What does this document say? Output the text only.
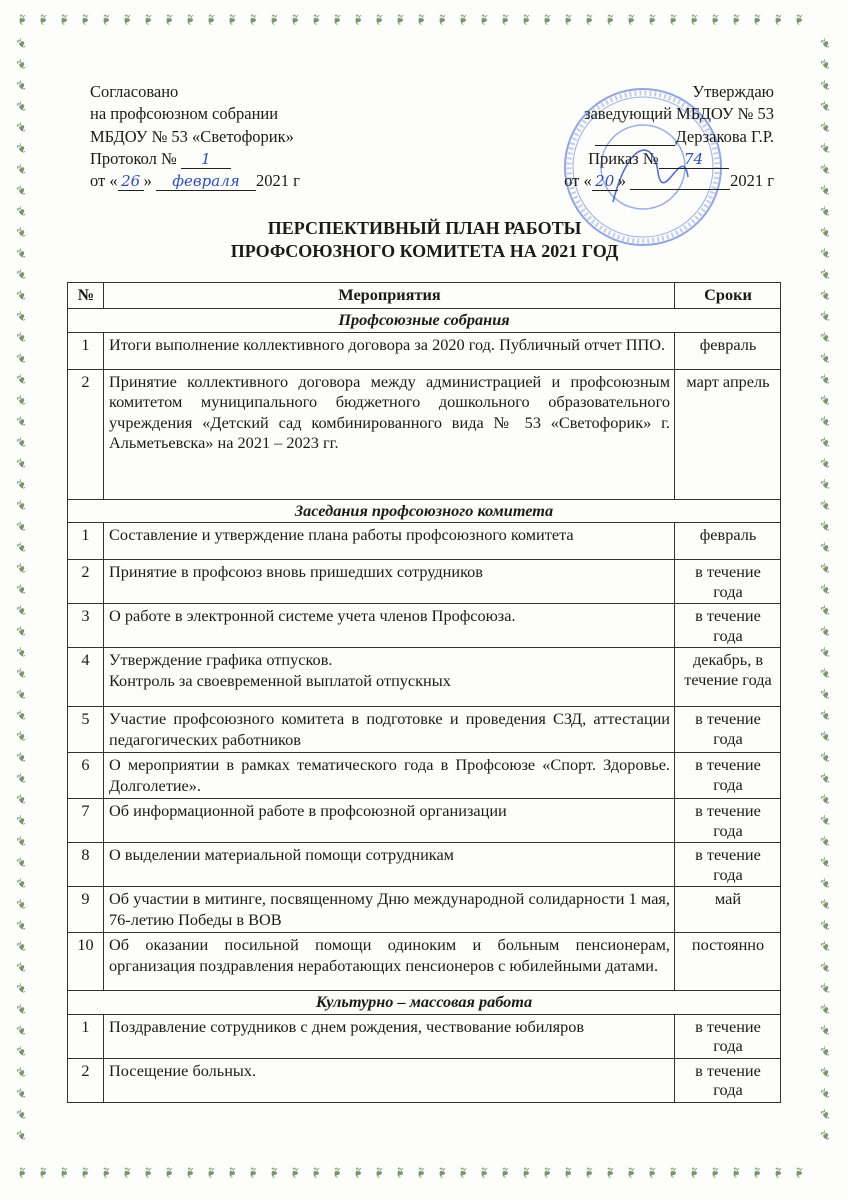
❧
❧
❧
❧
❧
❧
❧
❧
❧
❧
❧
❧
❧
❧
❧
❧
❧
❧
❧
❧
❧
❧
❧
❧
❧
❧
❧
❧
❧
❧
❧
❧
❧
❧
❧
❧
❧
❧
❧
❧
❧
❧
❧
❧
❧
❧
❧
❧
❧
❧
❧
❧
❧
❧
❧
❧
❧
❧
❧
❧
❧
❧
❧
❧
❧
❧
❧
❧
❧
❧
❧
❧
❧
❧
❧
❧
❧	❧
❧	❧
❧	❧
❧	❧
❧	❧
❧	❧
❧	❧
❧	❧
❧	❧
❧	❧
❧	❧
❧	❧
❧	❧
❧	❧
❧	❧
❧	❧
❧	❧
❧	❧
❧	❧
❧	❧
❧	❧
❧	❧
❧	❧
❧	❧
❧	❧
❧	❧
❧	❧
❧	❧
❧	❧
❧	❧
❧	❧
❧	❧
❧	❧
❧	❧
❧	❧
❧	❧
❧	❧
❧	❧
❧	❧
❧	❧
❧	❧
❧	❧
❧	❧
❧	❧
❧	❧
❧	❧
❧	❧
❧	❧
❧	❧
❧	❧
❧	❧
❧	❧
❧	❧
Согласовано
на профсоюзном собрании
МБДОУ № 53 «Светофорик»
Протокол № 1
от « 26 » февраля 2021 г
Утверждаю
заведующий МБДОУ № 53
Дерзакова Г.Р.
Приказ № 74
от « 20 »	2021 г
ПЕРСПЕКТИВНЫЙ ПЛАН РАБОТЫ
ПРОФСОЮЗНОГО КОМИТЕТА НА 2021 ГОД
№	Мероприятия	Сроки
Профсоюзные собрания		
1	Итоги выполнение коллективного договора за 2020 год. Публичный отчет ППО.	февраль
2	Принятие коллективного договора между администрацией и профсоюзным комитетом муниципального бюджетного дошкольного образовательного учреждения «Детский сад комбинированного вида № 53 «Светофорик» г. Альметьевска» на 2021 – 2023 гг.	март апрель
Заседания профсоюзного комитета		
1	Составление и утверждение плана работы профсоюзного комитета	февраль
2	Принятие в профсоюз вновь пришедших сотрудников	в течение года
3	О работе в электронной системе учета членов Профсоюза.	в течение года
4	Утверждение графика отпусков.
Контроль за своевременной выплатой отпускных	декабрь, в течение года
5	Участие профсоюзного комитета в подготовке и проведения СЗД, аттестации педагогических работников	в течение года
6	О мероприятии в рамках тематического года в Профсоюзе «Спорт. Здоровье. Долголетие».	в течение года
7	Об информационной работе в профсоюзной организации	в течение года
8	О выделении материальной помощи сотрудникам	в течение года
9	Об участии в митинге, посвященному Дню международной солидарности 1 мая, 76-летию Победы в ВОВ	май
10	Об оказании посильной помощи одиноким и больным пенсионерам, организация поздравления неработающих пенсионеров с юбилейными датами.	постоянно
Культурно – массовая работа		
1	Поздравление сотрудников с днем рождения, чествование юбиляров	в течение года
2	Посещение больных.	в течение года
